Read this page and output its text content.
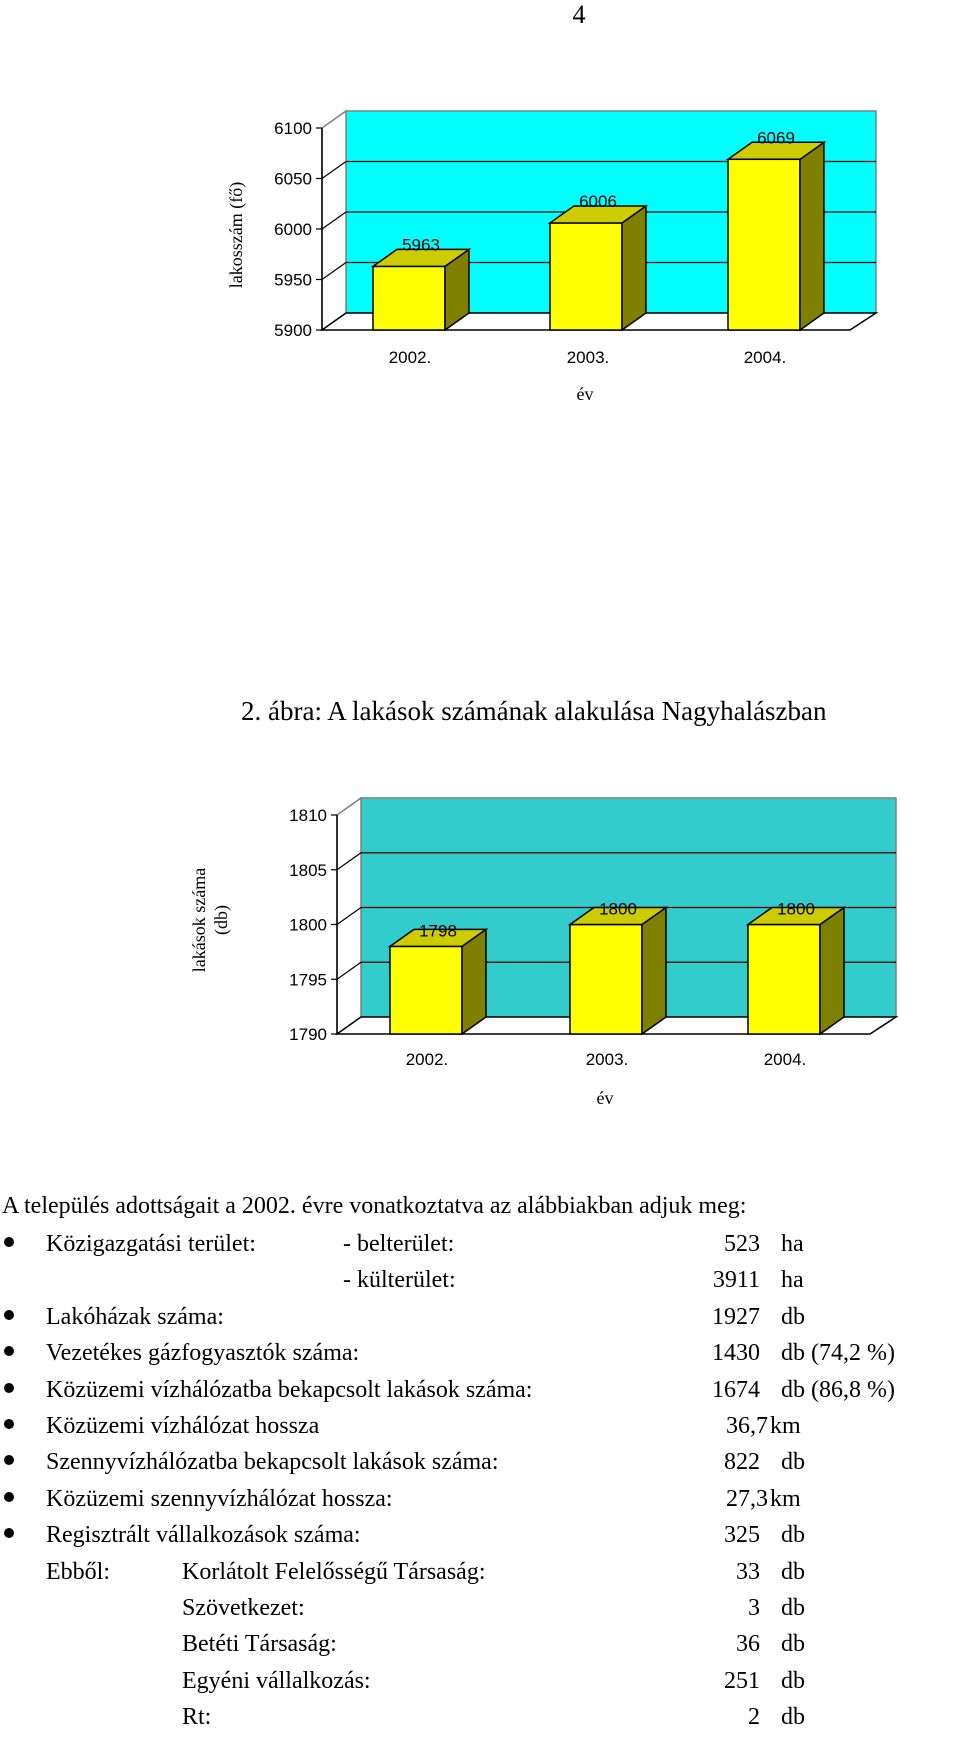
4
6100
6050
6000
5950
5900
5963
2002.
6006
2003.
6069
2004.
év
lakosszám (fő)
2. ábra: A lakások számának alakulása Nagyhalászban
1810
1805
1800
1795
1790
1798
2002.
1800
2003.
1800
2004.
év
lakások száma (db)
A település adottságait a 2002. évre vonatkoztatva az alábbiakban adjuk meg:
Közigazgatási terület:	- belterület:	523 ha
- külterület:	3911 ha
Lakóházak száma:	1927 db
Vezetékes gázfogyasztók száma:	1430 db (74,2 %)
Közüzemi vízhálózatba bekapcsolt lakások száma:	1674 db (86,8 %)
Közüzemi vízhálózat hossza	36,7 km
Szennyvízhálózatba bekapcsolt lakások száma:	822 db
Közüzemi szennyvízhálózat hossza:	27,3 km
Regisztrált vállalkozások száma:	325 db
Ebből:	Korlátolt Felelősségű Társaság:	33 db
Szövetkezet:	3 db
Betéti Társaság:	36 db
Egyéni vállalkozás:	251 db
Rt:	2 db
